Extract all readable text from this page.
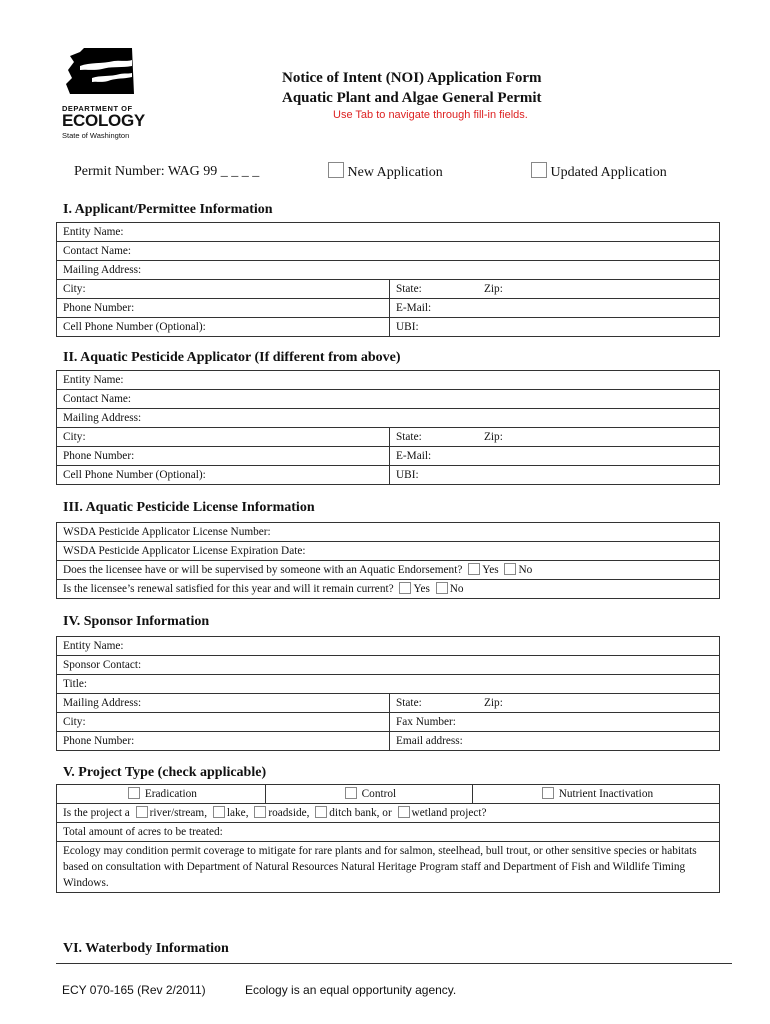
DEPARTMENT OF
ECOLOGY
State of Washington
Notice of Intent (NOI) Application Form
Aquatic Plant and Algae General Permit
Use Tab to navigate through fill-in fields.
Permit Number: WAG 99 _ _ _ _	New Application	Updated Application
I. Applicant/Permittee Information
Entity Name:	
Contact Name:	
Mailing Address:	
City:	State: Zip:

Phone Number:	E-Mail:
Cell Phone Number (Optional):	UBI:
II. Aquatic Pesticide Applicator (If different from above)
Entity Name:	
Contact Name:	
Mailing Address:	
City:	State: Zip:

Phone Number:	E-Mail:
Cell Phone Number (Optional):	UBI:
III. Aquatic Pesticide License Information
WSDA Pesticide Applicator License Number:
WSDA Pesticide Applicator License Expiration Date:
Does the licensee have or will be supervised by someone with an Aquatic Endorsement? Yes No
Is the licensee’s renewal satisfied for this year and will it remain current? Yes No
IV. Sponsor Information
Entity Name:	
Sponsor Contact:	
Title:	
Mailing Address:	State: Zip:

City:	Fax Number:
Phone Number:	Email address:
V. Project Type (check applicable)
Eradication	Control	Nutrient Inactivation
Is the project a river/stream, lake, roadside, ditch bank, or wetland project?
Total amount of acres to be treated:
Ecology may condition permit coverage to mitigate for rare plants and for salmon, steelhead, bull trout, or other sensitive species or habitats based on consultation with Department of Natural Resources Natural Heritage Program staff and Department of Fish and Wildlife Timing Windows.
VI. Waterbody Information
ECY 070-165 (Rev 2/2011)	Ecology is an equal opportunity agency.
